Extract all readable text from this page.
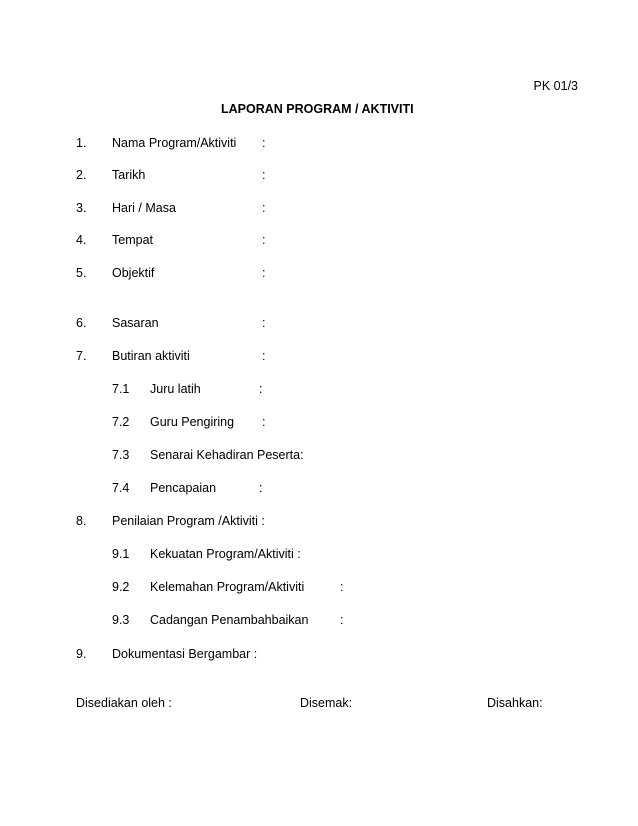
PK 01/3
LAPORAN PROGRAM / AKTIVITI
1. Nama Program/Aktiviti :
2. Tarikh	:
3. Hari / Masa	:
4. Tempat	:
5. Objektif	:
6. Sasaran	:
7. Butiran aktiviti	:
7.1 Juru latih	:
7.2 Guru Pengiring :
7.3 Senarai Kehadiran Peserta:
7.4 Pencapaian	:
8. Penilaian Program /Aktiviti :
9.1 Kekuatan Program/Aktiviti :
9.2 Kelemahan Program/Aktiviti	:
9.3 Cadangan Penambahbaikan	:
9. Dokumentasi Bergambar :
Disediakan oleh :	Disemak:	Disahkan:
